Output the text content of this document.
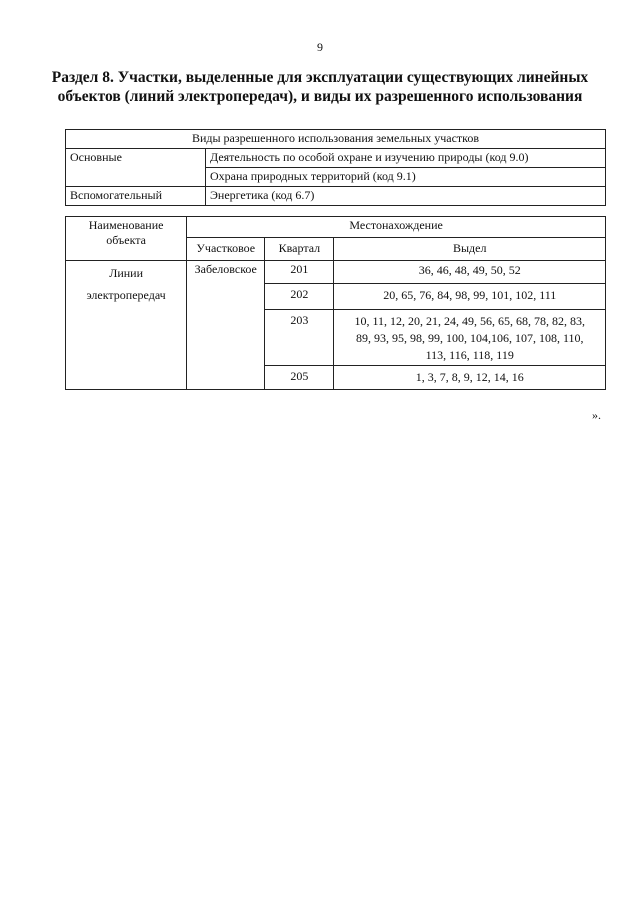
9
Раздел 8. Участки, выделенные для эксплуатации существующих линейных
объектов (линий электропередач), и виды их разрешенного использования
Виды разрешенного использования земельных участков	
Основные	Деятельность по особой охране и изучению природы (код 9.0)
	Охрана природных территорий (код 9.1)
Вспомогательный	Энергетика (код 6.7)
Наименование
объекта	Местонахождение		
	Участковое	Квартал	Выдел

Линии
электропередач	Забеловское	201	36, 46, 48, 49, 50, 52

		202	20, 65, 76, 84, 98, 99, 101, 102, 111

		203	10, 11, 12, 20, 21, 24, 49, 56, 65, 68, 78, 82, 83,
89, 93, 95, 98, 99, 100, 104,106, 107, 108, 110,
113, 116, 118, 119

		205	1, 3, 7, 8, 9, 12, 14, 16
».
